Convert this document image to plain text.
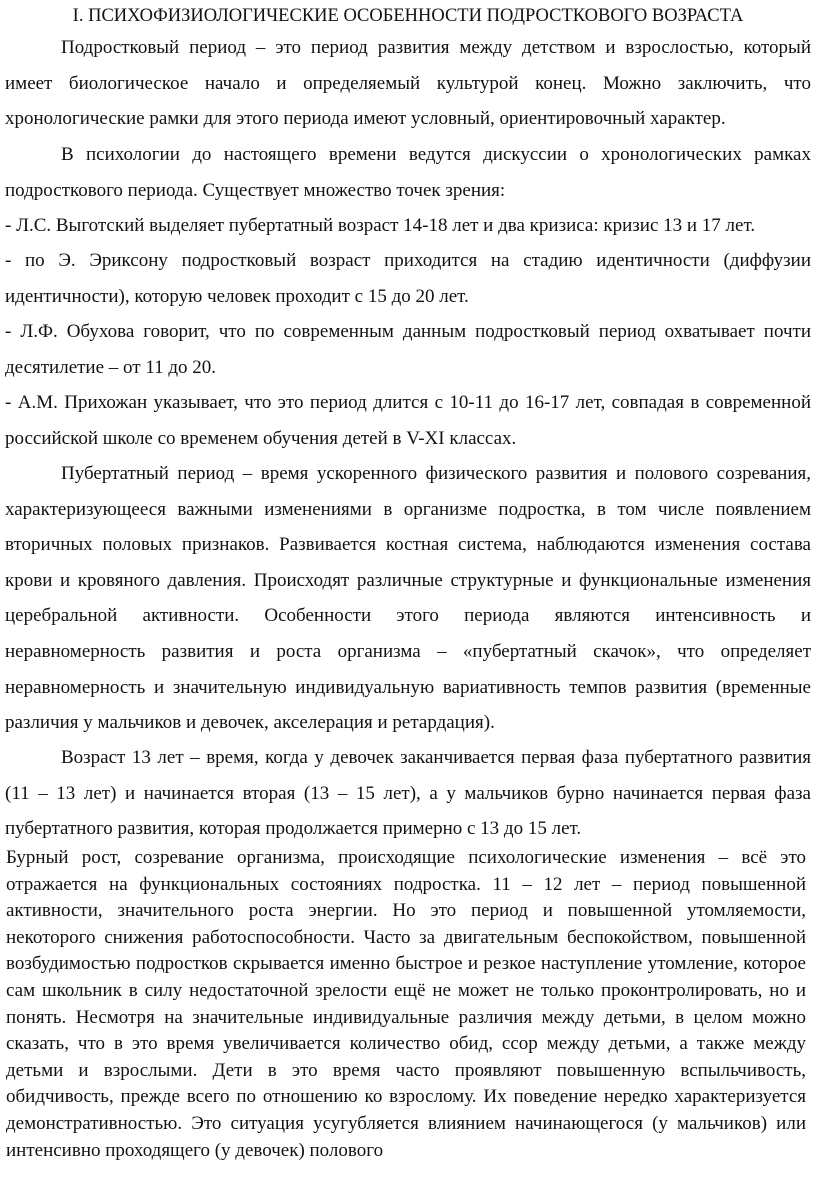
I. ПСИХОФИЗИОЛОГИЧЕСКИЕ ОСОБЕННОСТИ ПОДРОСТКОВОГО ВОЗРАСТА

Подростковый период – это период развития между детством и взрослостью, который имеет биологическое начало и определяемый культурой конец. Можно заключить, что хронологические рамки для этого периода имеют условный, ориентировочный характер.

В психологии до настоящего времени ведутся дискуссии о хронологических рамках подросткового периода. Существует множество точек зрения:

- Л.С. Выготский выделяет пубертатный возраст 14-18 лет и два кризиса: кризис 13 и 17 лет.

- по Э. Эриксону подростковый возраст приходится на стадию идентичности (диффузии идентичности), которую человек проходит с 15 до 20 лет.

- Л.Ф. Обухова говорит, что по современным данным подростковый период охватывает почти десятилетие – от 11 до 20.

- А.М. Прихожан указывает, что это период длится с 10-11 до 16-17 лет, совпадая в современной российской школе со временем обучения детей в V-XI классах.

Пубертатный период – время ускоренного физического развития и полового созревания, характеризующееся важными изменениями в организме подростка, в том числе появлением вторичных половых признаков. Развивается костная система, наблюдаются изменения состава крови и кровяного давления. Происходят различные структурные и функциональные изменения церебральной активности. Особенности этого периода являются интенсивность и неравномерность развития и роста организма – «пубертатный скачок», что определяет неравномерность и значительную индивидуальную вариативность темпов развития (временные различия у мальчиков и девочек, акселерация и ретардация).

Возраст 13 лет – время, когда у девочек заканчивается первая фаза пубертатного развития (11 – 13 лет) и начинается вторая (13 – 15 лет), а у мальчиков бурно начинается первая фаза пубертатного развития, которая продолжается примерно с 13 до 15 лет.

Бурный рост, созревание организма, происходящие психологические изменения – всё это отражается на функциональных состояниях подростка. 11 – 12 лет – период повышенной активности, значительного роста энергии. Но это период и повышенной утомляемости, некоторого снижения работоспособности. Часто за двигательным беспокойством, повышенной возбудимостью подростков скрывается именно быстрое и резкое наступление утомление, которое сам школьник в силу недостаточной зрелости ещё не может не только проконтролировать, но и понять. Несмотря на значительные индивидуальные различия между детьми, в целом можно сказать, что в это время увеличивается количество обид, ссор между детьми, а также между детьми и взрослыми. Дети в это время часто проявляют повышенную вспыльчивость, обидчивость, прежде всего по отношению ко взрослому. Их поведение нередко характеризуется демонстративностью. Это ситуация усугубляется влиянием начинающегося (у мальчиков) или интенсивно проходящего (у девочек) полового
